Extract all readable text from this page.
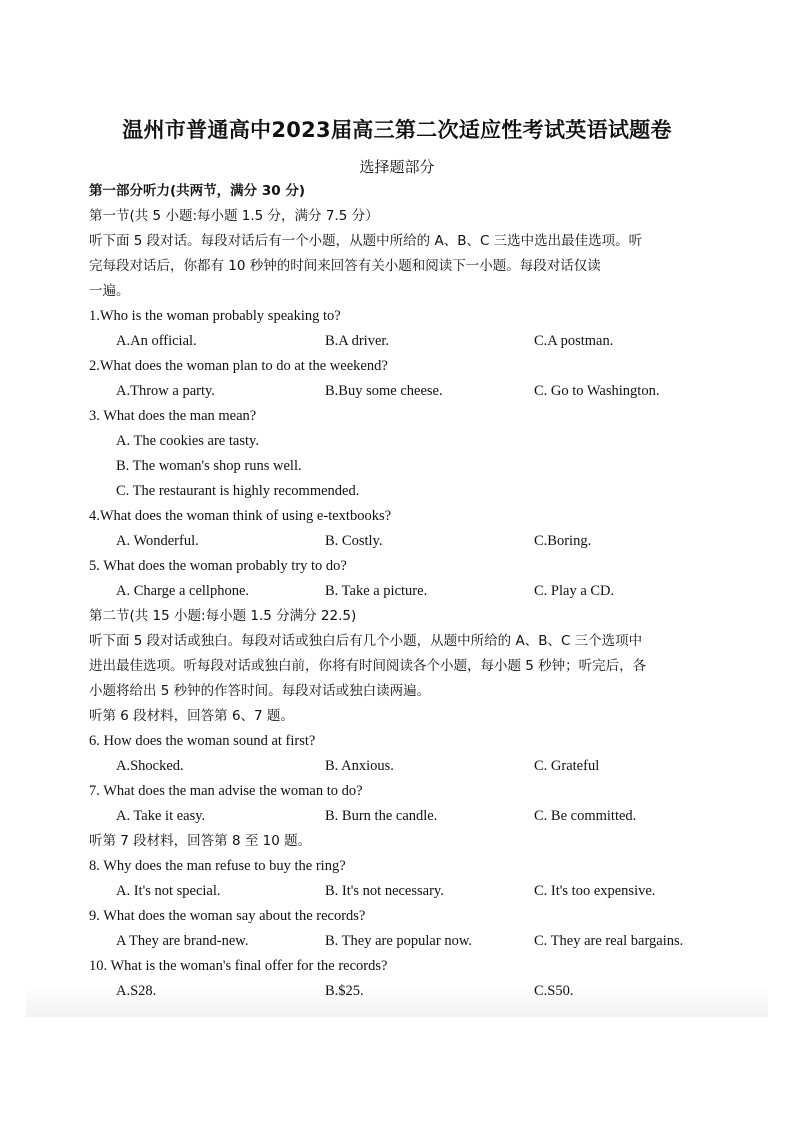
温州市普通高中2023届高三第二次适应性考试英语试题卷
选择题部分
第一部分听力(共两节，满分 30 分)
第一节(共 5 小题:每小题 1.5 分，满分 7.5 分）
听下面 5 段对话。每段对话后有一个小题，从题中所给的 A、B、C 三选中选出最佳选项。听
完每段对话后，你都有 10 秒钟的时间来回答有关小题和阅读下一小题。每段对话仅读
一遍。
1.Who is the woman probably speaking to?
A.An official.	B.A driver.	C.A postman.
2.What does the woman plan to do at the weekend?
A.Throw a party.	B.Buy some cheese.	C. Go to Washington.
3. What does the man mean?
A. The cookies are tasty.
B. The woman's shop runs well.
C. The restaurant is highly recommended.
4.What does the woman think of using e-textbooks?
A. Wonderful.	B. Costly.	C.Boring.
5. What does the woman probably try to do?
A. Charge a cellphone.	B. Take a picture.	C. Play a CD.
第二节(共 15 小题:每小题 1.5 分满分 22.5)
听下面 5 段对话或独白。每段对话或独白后有几个小题，从题中所给的 A、B、C 三个选项中
进出最佳选项。听每段对话或独白前，你将有时间阅读各个小题，每小题 5 秒钟；听完后，各
小题将给出 5 秒钟的作答时间。每段对话或独白读两遍。
听第 6 段材料，回答第 6、7 题。
6. How does the woman sound at first?
A.Shocked.	B. Anxious.	C. Grateful
7. What does the man advise the woman to do?
A. Take it easy.	B. Burn the candle.	C. Be committed.
听第 7 段材料，回答第 8 至 10 题。
8. Why does the man refuse to buy the ring?
A. It's not special.	B. It's not necessary.	C. It's too expensive.
9. What does the woman say about the records?
A They are brand-new.	B. They are popular now.	C. They are real bargains.
10. What is the woman's final offer for the records?
A.S28.	B.$25.	C.S50.
